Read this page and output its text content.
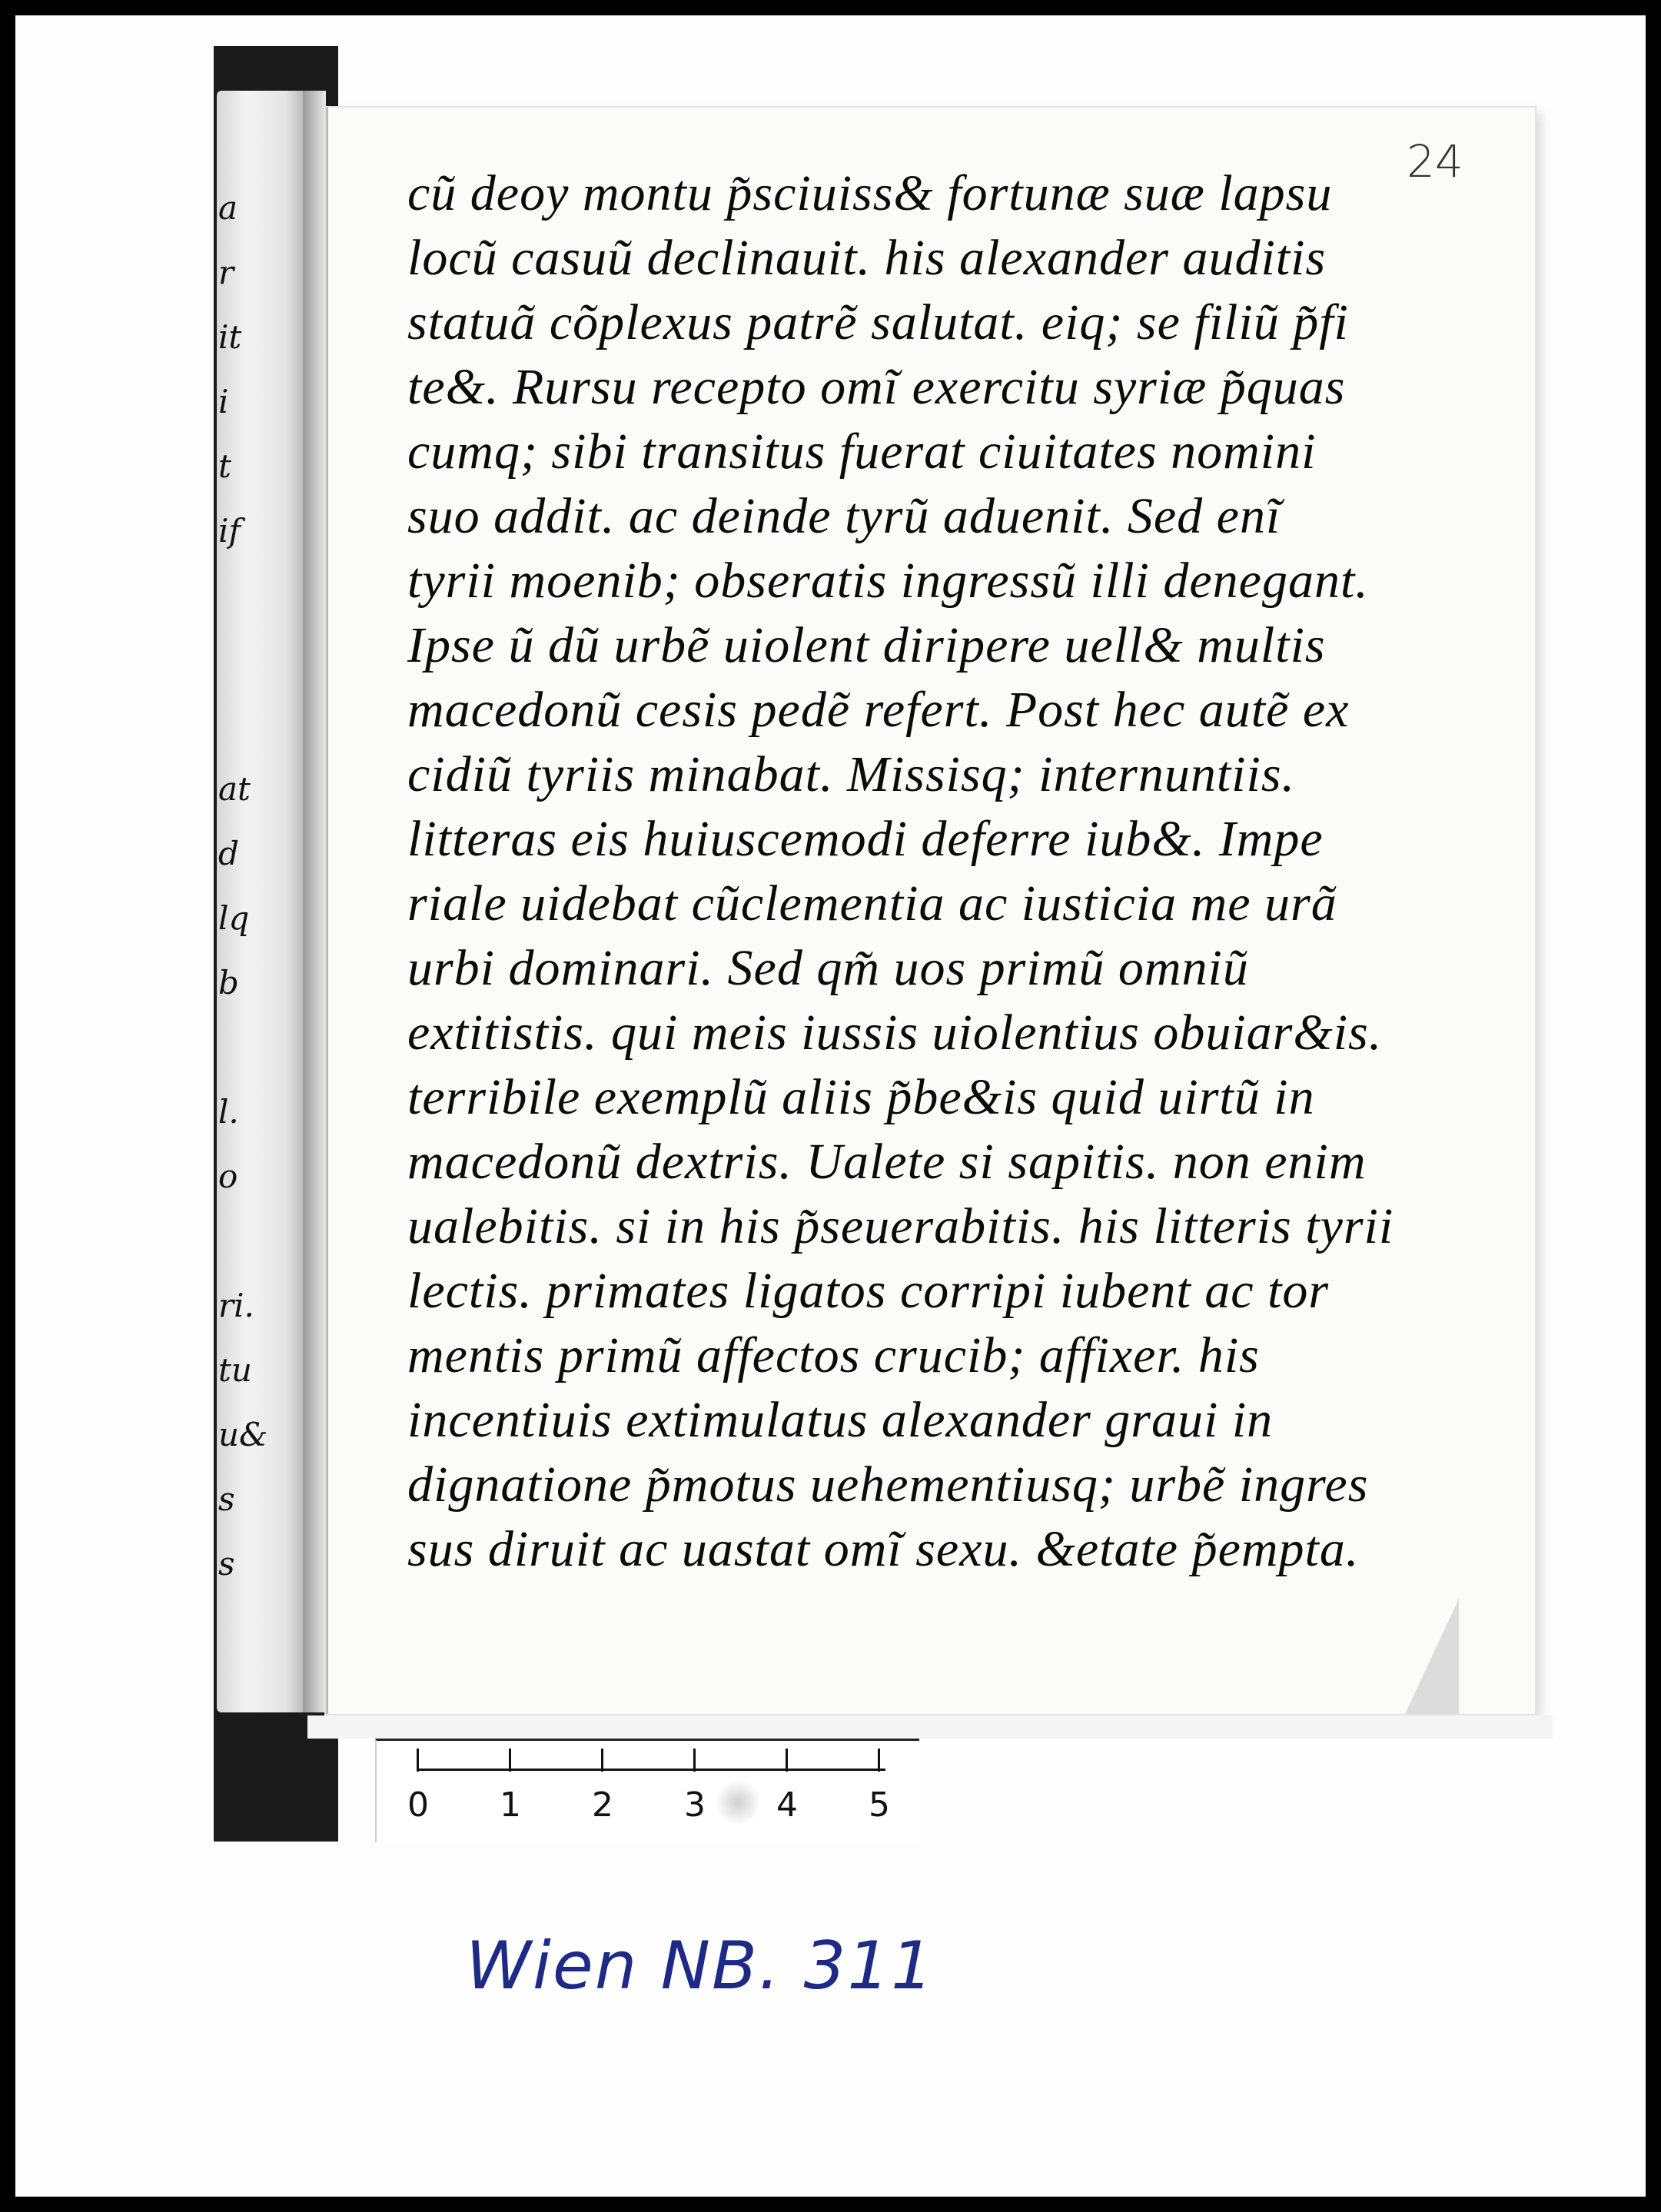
a
r
it
i
t
if
at
d
lq
b
l.
o
ri.
tu
u&
s
s
24
cũ deoy montu p̃sciuiss& fortunæ suæ lapsu
locũ casuũ declinauit. his alexander auditis
statuã cõplexus patrẽ salutat. eiq; se filiũ p̃fi
te&. Rursu recepto omĩ exercitu syriæ p̃quas
cumq; sibi transitus fuerat ciuitates nomini
suo addit. ac deinde tyrũ aduenit. Sed enĩ
tyrii moenib; obseratis ingressũ illi denegant.
Ipse ũ dũ urbẽ uiolent diripere uell& multis
macedonũ cesis pedẽ refert. Post hec autẽ ex
cidiũ tyriis minabat. Missisq; internuntiis.
litteras eis huiuscemodi deferre iub&. Impe
riale uidebat cũclementia ac iusticia me urã
urbi dominari. Sed qm̃ uos primũ omniũ
extitistis. qui meis iussis uiolentius obuiar&is.
terribile exemplũ aliis p̃be&is quid uirtũ in
macedonũ dextris. Ualete si sapitis. non enim
ualebitis. si in his p̃seuerabitis. his litteris tyrii
lectis. primates ligatos corripi iubent ac tor
mentis primũ affectos crucib; affixer. his
incentiuis extimulatus alexander graui in
dignatione p̃motus uehementiusq; urbẽ ingres
sus diruit ac uastat omĩ sexu. &etate p̃empta.
0 1 2 3 4 5
Wien NB. 311
